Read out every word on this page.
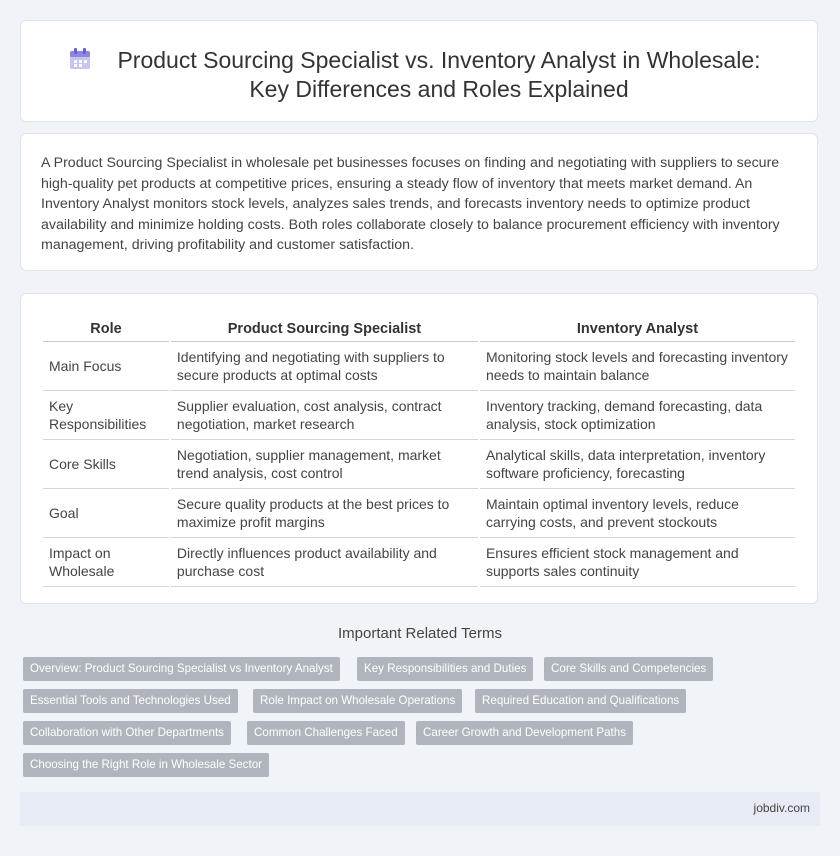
Product Sourcing Specialist vs. Inventory Analyst in Wholesale: Key Differences and Roles Explained

A Product Sourcing Specialist in wholesale pet businesses focuses on finding and negotiating with suppliers to secure high-quality pet products at competitive prices, ensuring a steady flow of inventory that meets market demand. An Inventory Analyst monitors stock levels, analyzes sales trends, and forecasts inventory needs to optimize product availability and minimize holding costs. Both roles collaborate closely to balance procurement efficiency with inventory management, driving profitability and customer satisfaction.

Role	Product Sourcing Specialist	Inventory Analyst
Main Focus	Identifying and negotiating with suppliers to secure products at optimal costs	Monitoring stock levels and forecasting inventory needs to maintain balance
Key Responsibilities	Supplier evaluation, cost analysis, contract negotiation, market research	Inventory tracking, demand forecasting, data analysis, stock optimization
Core Skills	Negotiation, supplier management, market trend analysis, cost control	Analytical skills, data interpretation, inventory software proficiency, forecasting
Goal	Secure quality products at the best prices to maximize profit margins	Maintain optimal inventory levels, reduce carrying costs, and prevent stockouts
Impact on Wholesale	Directly influences product availability and purchase cost	Ensures efficient stock management and supports sales continuity
Important Related Terms
Overview: Product Sourcing Specialist vs Inventory Analyst	Key Responsibilities and Duties	Core Skills and Competencies
Essential Tools and Technologies Used	Role Impact on Wholesale Operations	Required Education and Qualifications
Collaboration with Other Departments	Common Challenges Faced	Career Growth and Development Paths
Choosing the Right Role in Wholesale Sector
jobdiv.com
